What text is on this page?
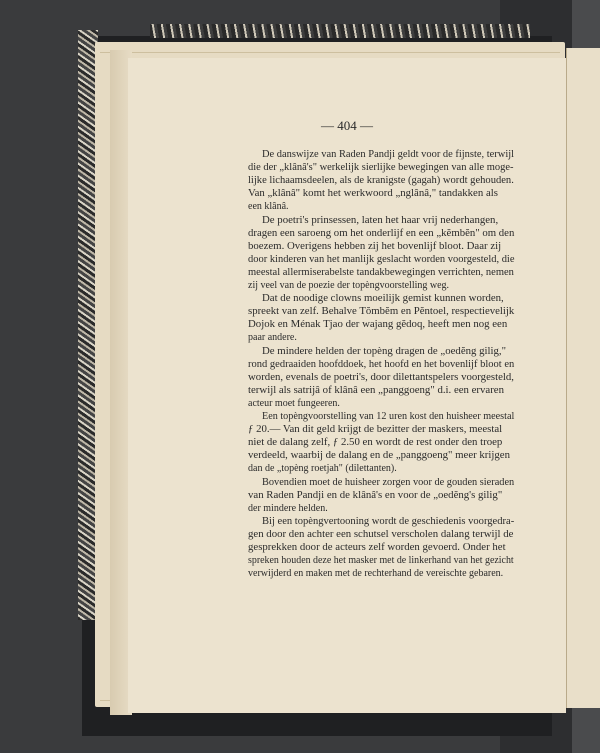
— 404 —
De danswijze van Raden Pandji geldt voor de fijnste, terwijl
die der „klânâ's" werkelijk sierlijke bewegingen van alle moge-
lijke lichaamsdeelen, als de kranigste (gagah) wordt gehouden.
Van „klânâ" komt het werkwoord „nglânâ," tandakken als
een klânâ.
De poetri's prinsessen, laten het haar vrij nederhangen,
dragen een saroeng om het onderlijf en een „kĕmbĕn" om den
boezem. Overigens hebben zij het bovenlijf bloot. Daar zij
door kinderen van het manlijk geslacht worden voorgesteld, die
meestal allermiserabelste tandakbewegingen verrichten, nemen
zij veel van de poezie der topèngvoorstelling weg.
Dat de noodige clowns moeilijk gemist kunnen worden,
spreekt van zelf. Behalve Tŏmbĕm en Pĕntoel, respectievelijk
Dojok en Ménak Tjao der wajang gĕdoq, heeft men nog een
paar andere.
De mindere helden der topèng dragen de „oedĕng gilig,"
rond gedraaiden hoofddoek, het hoofd en het bovenlijf bloot en
worden, evenals de poetri's, door dilettantspelers voorgesteld,
terwijl als satrijâ of klânâ een „panggoeng" d.i. een ervaren
acteur moet fungeeren.
Een topèngvoorstelling van 12 uren kost den huisheer meestal
ƒ 20.— Van dit geld krijgt de bezitter der maskers, meestal
niet de dalang zelf, ƒ 2.50 en wordt de rest onder den troep
verdeeld, waarbij de dalang en de „panggoeng" meer krijgen
dan de „topèng roetjah" (dilettanten).
Bovendien moet de huisheer zorgen voor de gouden sieraden
van Raden Pandji en de klânâ's en voor de „oedĕng's gilig"
der mindere helden.
Bij een topèngvertooning wordt de geschiedenis voorgedra-
gen door den achter een schutsel verscholen dalang terwijl de
gesprekken door de acteurs zelf worden gevoerd. Onder het
spreken houden deze het masker met de linkerhand van het gezicht
verwijderd en maken met de rechterhand de vereischte gebaren.
